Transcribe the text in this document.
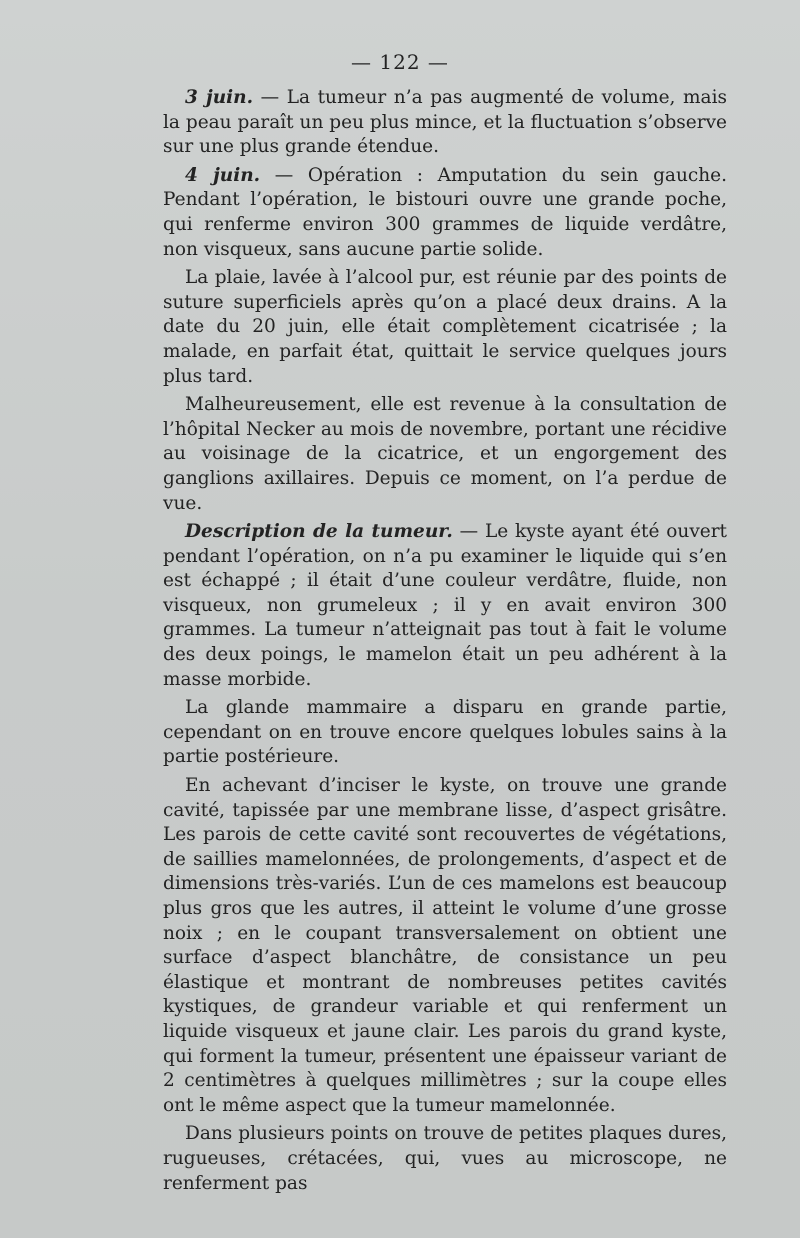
— 122 —

3 juin. — La tumeur n’a pas augmenté de volume, mais la peau paraît un peu plus mince, et la fluctuation s’observe sur une plus grande étendue.

4 juin. — Opération : Amputation du sein gauche. Pendant l’opération, le bistouri ouvre une grande poche, qui renferme environ 300 grammes de liquide verdâtre, non visqueux, sans aucune partie solide.

La plaie, lavée à l’alcool pur, est réunie par des points de suture superficiels après qu’on a placé deux drains. A la date du 20 juin, elle était complètement cicatrisée ; la malade, en parfait état, quittait le service quelques jours plus tard.

Malheureusement, elle est revenue à la consultation de l’hôpital Necker au mois de novembre, portant une récidive au voisinage de la cicatrice, et un engorgement des ganglions axillaires. Depuis ce moment, on l’a perdue de vue.

Description de la tumeur. — Le kyste ayant été ouvert pendant l’opération, on n’a pu examiner le liquide qui s’en est échappé ; il était d’une couleur verdâtre, fluide, non visqueux, non grumeleux ; il y en avait environ 300 grammes. La tumeur n’atteignait pas tout à fait le volume des deux poings, le mamelon était un peu adhérent à la masse morbide.

La glande mammaire a disparu en grande partie, cependant on en trouve encore quelques lobules sains à la partie postérieure.

En achevant d’inciser le kyste, on trouve une grande cavité, tapissée par une membrane lisse, d’aspect grisâtre. Les parois de cette cavité sont recouvertes de végétations, de saillies mamelonnées, de prolongements, d’aspect et de dimensions très-variés. L’un de ces mamelons est beaucoup plus gros que les autres, il atteint le volume d’une grosse noix ; en le coupant transversalement on obtient une surface d’aspect blanchâtre, de consistance un peu élastique et montrant de nombreuses petites cavités kystiques, de grandeur variable et qui renferment un liquide visqueux et jaune clair. Les parois du grand kyste, qui forment la tumeur, présentent une épaisseur variant de 2 centimètres à quelques millimètres ; sur la coupe elles ont le même aspect que la tumeur mamelonnée.

Dans plusieurs points on trouve de petites plaques dures, rugueuses, crétacées, qui, vues au microscope, ne renferment pas
